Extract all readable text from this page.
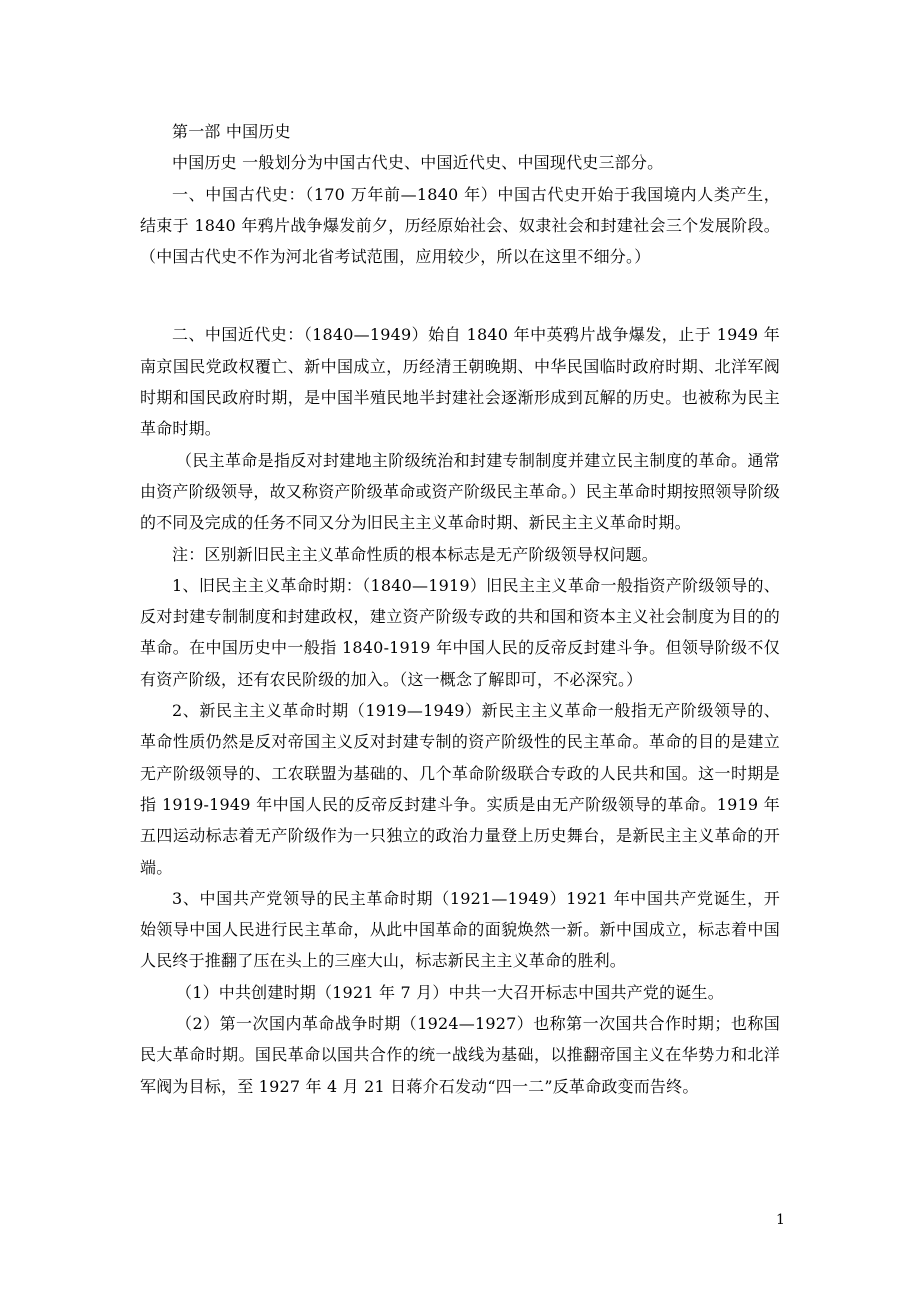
第一部 中国历史

中国历史 一般划分为中国古代史、中国近代史、中国现代史三部分。

一、中国古代史：（170 万年前—1840 年）中国古代史开始于我国境内人类产生，结束于 1840 年鸦片战争爆发前夕，历经原始社会、奴隶社会和封建社会三个发展阶段。（中国古代史不作为河北省考试范围，应用较少，所以在这里不细分。）

二、中国近代史：（1840—1949）始自 1840 年中英鸦片战争爆发，止于 1949 年南京国民党政权覆亡、新中国成立，历经清王朝晚期、中华民国临时政府时期、北洋军阀时期和国民政府时期，是中国半殖民地半封建社会逐渐形成到瓦解的历史。也被称为民主革命时期。

（民主革命是指反对封建地主阶级统治和封建专制制度并建立民主制度的革命。通常由资产阶级领导，故又称资产阶级革命或资产阶级民主革命。）民主革命时期按照领导阶级的不同及完成的任务不同又分为旧民主主义革命时期、新民主主义革命时期。

注：区别新旧民主主义革命性质的根本标志是无产阶级领导权问题。

1、旧民主主义革命时期：（1840—1919）旧民主主义革命一般指资产阶级领导的、反对封建专制制度和封建政权，建立资产阶级专政的共和国和资本主义社会制度为目的的革命。在中国历史中一般指 1840-1919 年中国人民的反帝反封建斗争。但领导阶级不仅有资产阶级，还有农民阶级的加入。（这一概念了解即可，不必深究。）

2、新民主主义革命时期（1919—1949）新民主主义革命一般指无产阶级领导的、革命性质仍然是反对帝国主义反对封建专制的资产阶级性的民主革命。革命的目的是建立无产阶级领导的、工农联盟为基础的、几个革命阶级联合专政的人民共和国。这一时期是指 1919-1949 年中国人民的反帝反封建斗争。实质是由无产阶级领导的革命。1919 年五四运动标志着无产阶级作为一只独立的政治力量登上历史舞台，是新民主主义革命的开端。

3、中国共产党领导的民主革命时期（1921—1949）1921 年中国共产党诞生，开始领导中国人民进行民主革命，从此中国革命的面貌焕然一新。新中国成立，标志着中国人民终于推翻了压在头上的三座大山，标志新民主主义革命的胜利。

（1）中共创建时期（1921 年 7 月）中共一大召开标志中国共产党的诞生。

（2）第一次国内革命战争时期（1924—1927）也称第一次国共合作时期；也称国民大革命时期。国民革命以国共合作的统一战线为基础，以推翻帝国主义在华势力和北洋军阀为目标，至 1927 年 4 月 21 日蒋介石发动“四一二”反革命政变而告终。

1
